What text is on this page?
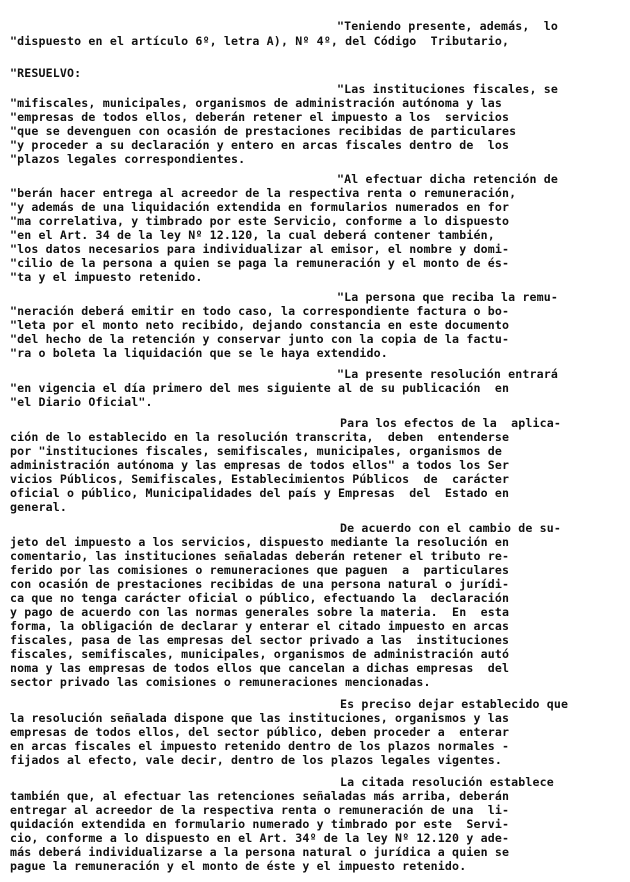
"Teniendo presente, además,  lo
"dispuesto en el artículo 6º, letra A), Nº 4º, del Código  Tributario,
"RESUELVO:
"Las instituciones fiscales, se
"mifiscales, municipales, organismos de administración autónoma y las
"empresas de todos ellos, deberán retener el impuesto a los  servicios
"que se devenguen con ocasión de prestaciones recibidas de particulares
"y proceder a su declaración y entero en arcas fiscales dentro de  los
"plazos legales correspondientes.
"Al efectuar dicha retención de
"berán hacer entrega al acreedor de la respectiva renta o remuneración,
"y además de una liquidación extendida en formularios numerados en for
"ma correlativa, y timbrado por este Servicio, conforme a lo dispuesto
"en el Art. 34 de la ley Nº 12.120, la cual deberá contener también,
"los datos necesarios para individualizar al emisor, el nombre y domi-
"cilio de la persona a quien se paga la remuneración y el monto de és-
"ta y el impuesto retenido.
"La persona que reciba la remu-
"neración deberá emitir en todo caso, la correspondiente factura o bo-
"leta por el monto neto recibido, dejando constancia en este documento
"del hecho de la retención y conservar junto con la copia de la factu-
"ra o boleta la liquidación que se le haya extendido.
"La presente resolución entrará
"en vigencia el día primero del mes siguiente al de su publicación  en
"el Diario Oficial".
Para los efectos de la  aplica-
ción de lo establecido en la resolución transcrita,  deben  entenderse
por "instituciones fiscales, semifiscales, municipales, organismos de
administración autónoma y las empresas de todos ellos" a todos los Ser
vicios Públicos, Semifiscales, Establecimientos Públicos  de  carácter
oficial o público, Municipalidades del país y Empresas  del  Estado en
general.
De acuerdo con el cambio de su-
jeto del impuesto a los servicios, dispuesto mediante la resolución en
comentario, las instituciones señaladas deberán retener el tributo re-
ferido por las comisiones o remuneraciones que paguen  a  particulares
con ocasión de prestaciones recibidas de una persona natural o jurídi-
ca que no tenga carácter oficial o público, efectuando la  declaración
y pago de acuerdo con las normas generales sobre la materia.  En  esta
forma, la obligación de declarar y enterar el citado impuesto en arcas
fiscales, pasa de las empresas del sector privado a las  instituciones
fiscales, semifiscales, municipales, organismos de administración autó
noma y las empresas de todos ellos que cancelan a dichas empresas  del
sector privado las comisiones o remuneraciones mencionadas.
Es preciso dejar establecido que
la resolución señalada dispone que las instituciones, organismos y las
empresas de todos ellos, del sector público, deben proceder a  enterar
en arcas fiscales el impuesto retenido dentro de los plazos normales -
fijados al efecto, vale decir, dentro de los plazos legales vigentes.
La citada resolución establece
también que, al efectuar las retenciones señaladas más arriba, deberán
entregar al acreedor de la respectiva renta o remuneración de una  li-
quidación extendida en formulario numerado y timbrado por este  Servi-
cio, conforme a lo dispuesto en el Art. 34º de la ley Nº 12.120 y ade-
más deberá individualizarse a la persona natural o jurídica a quien se
pague la remuneración y el monto de éste y el impuesto retenido.
